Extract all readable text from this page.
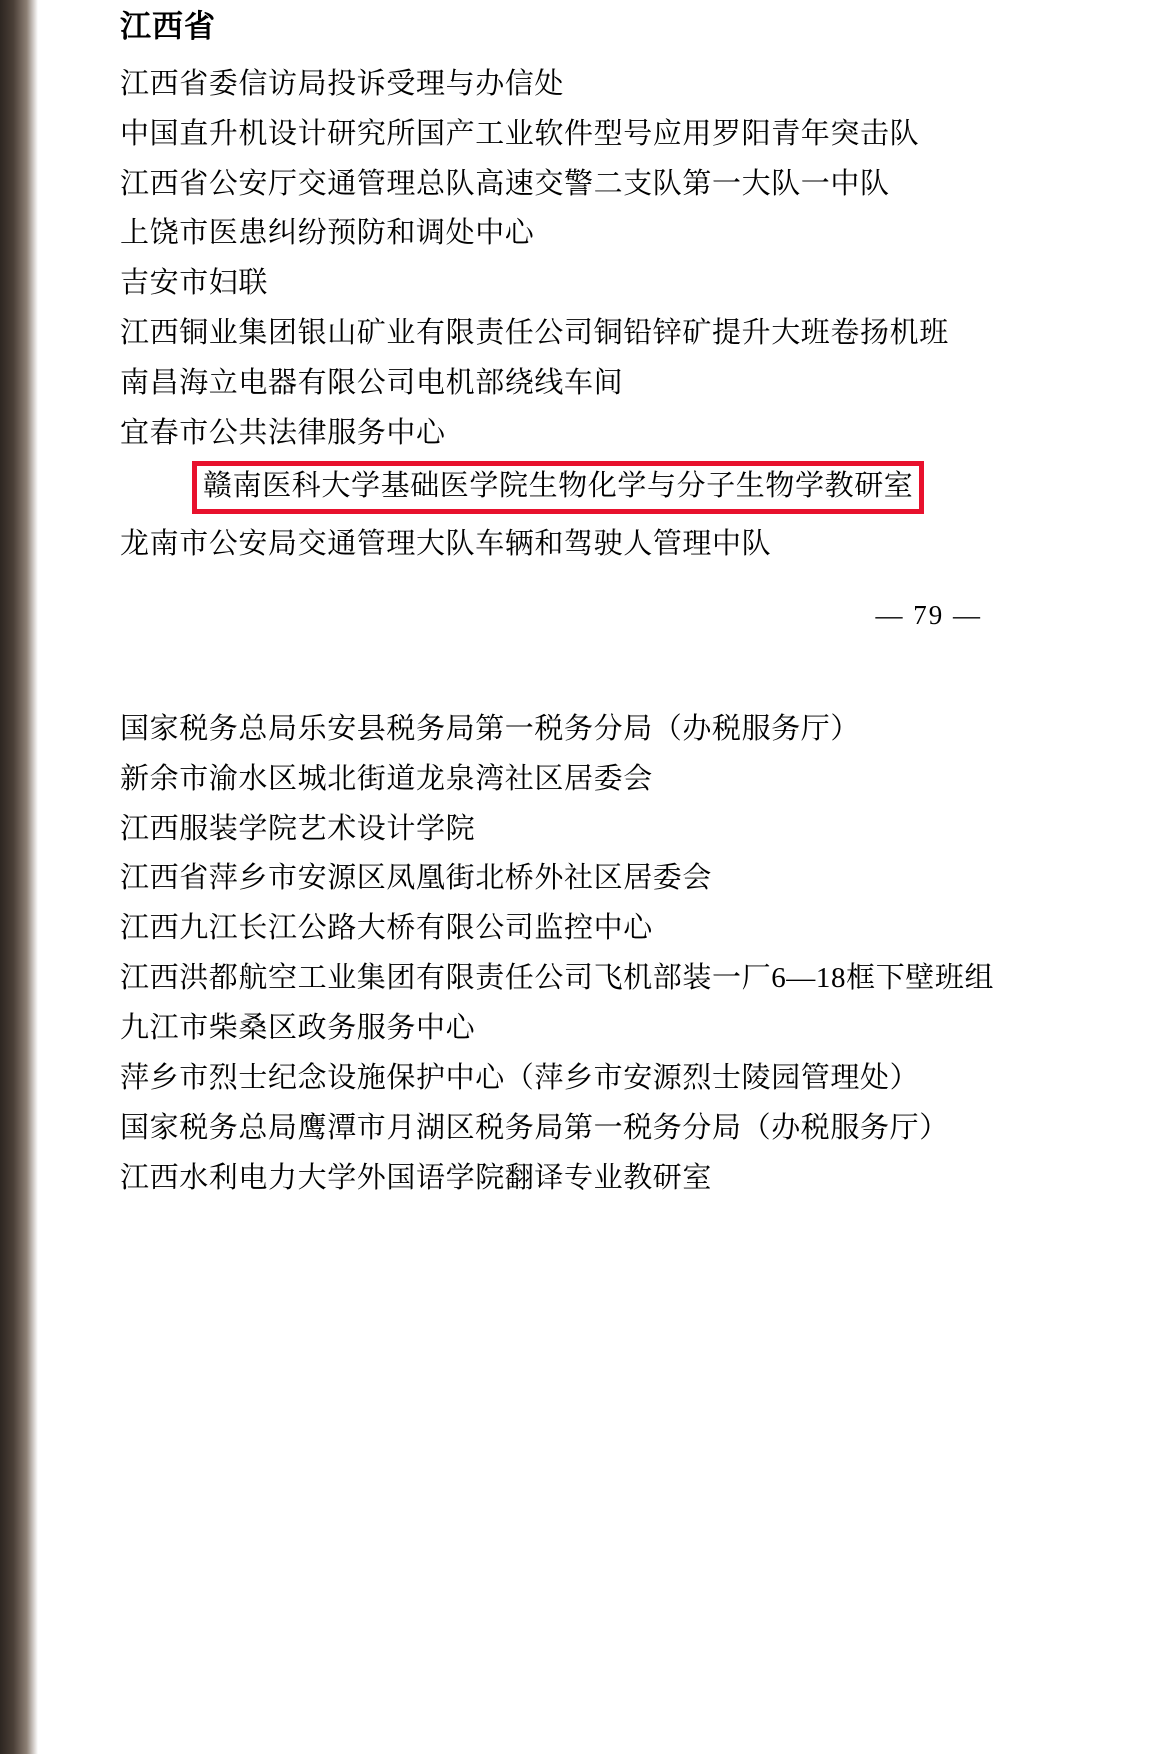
江西省

江西省委信访局投诉受理与办信处

中国直升机设计研究所国产工业软件型号应用罗阳青年突击队

江西省公安厅交通管理总队高速交警二支队第一大队一中队

上饶市医患纠纷预防和调处中心

吉安市妇联

江西铜业集团银山矿业有限责任公司铜铅锌矿提升大班卷扬机班

南昌海立电器有限公司电机部绕线车间

宜春市公共法律服务中心

赣南医科大学基础医学院生物化学与分子生物学教研室

龙南市公安局交通管理大队车辆和驾驶人管理中队

— 79 —

国家税务总局乐安县税务局第一税务分局（办税服务厅）

新余市渝水区城北街道龙泉湾社区居委会

江西服装学院艺术设计学院

江西省萍乡市安源区凤凰街北桥外社区居委会

江西九江长江公路大桥有限公司监控中心

江西洪都航空工业集团有限责任公司飞机部装一厂6—18框下壁班组

九江市柴桑区政务服务中心

萍乡市烈士纪念设施保护中心（萍乡市安源烈士陵园管理处）

国家税务总局鹰潭市月湖区税务局第一税务分局（办税服务厅）

江西水利电力大学外国语学院翻译专业教研室
